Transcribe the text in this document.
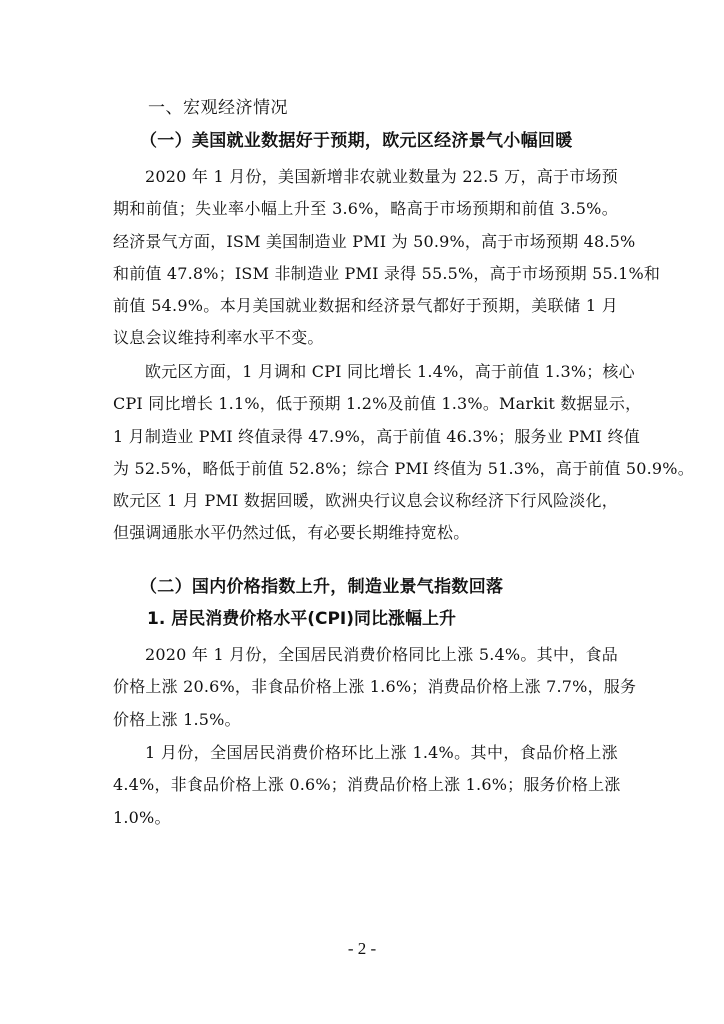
一、宏观经济情况
（一）美国就业数据好于预期，欧元区经济景气小幅回暖
2020 年 1 月份，美国新增非农就业数量为 22.5 万，高于市场预
期和前值；失业率小幅上升至 3.6%，略高于市场预期和前值 3.5%。
经济景气方面，ISM 美国制造业 PMI 为 50.9%，高于市场预期 48.5%
和前值 47.8%；ISM 非制造业 PMI 录得 55.5%，高于市场预期 55.1%和
前值 54.9%。本月美国就业数据和经济景气都好于预期，美联储 1 月
议息会议维持利率水平不变。
欧元区方面，1 月调和 CPI 同比增长 1.4%，高于前值 1.3%；核心
CPI 同比增长 1.1%，低于预期 1.2%及前值 1.3%。Markit 数据显示，
1 月制造业 PMI 终值录得 47.9%，高于前值 46.3%；服务业 PMI 终值
为 52.5%，略低于前值 52.8%；综合 PMI 终值为 51.3%，高于前值 50.9%。
欧元区 1 月 PMI 数据回暖，欧洲央行议息会议称经济下行风险淡化，
但强调通胀水平仍然过低，有必要长期维持宽松。
（二）国内价格指数上升，制造业景气指数回落
1. 居民消费价格水平(CPI)同比涨幅上升
2020 年 1 月份，全国居民消费价格同比上涨 5.4%。其中，食品
价格上涨 20.6%，非食品价格上涨 1.6%；消费品价格上涨 7.7%，服务
价格上涨 1.5%。
1 月份，全国居民消费价格环比上涨 1.4%。其中，食品价格上涨
4.4%，非食品价格上涨 0.6%；消费品价格上涨 1.6%；服务价格上涨
1.0%。
- 2 -
